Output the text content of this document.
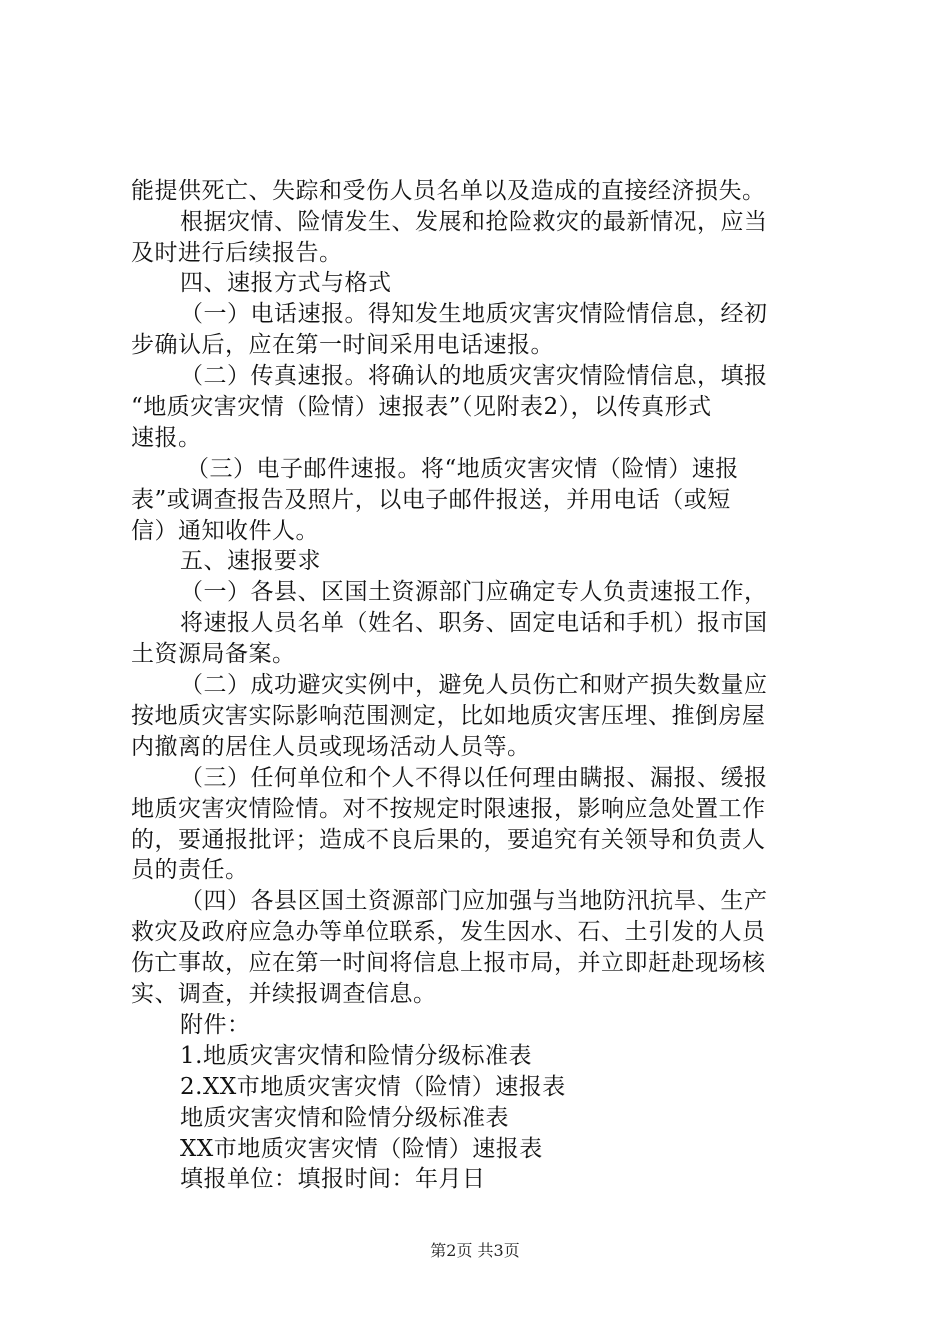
能提供死亡、失踪和受伤人员名单以及造成的直接经济损失。
根据灾情、险情发生、发展和抢险救灾的最新情况，应当
及时进行后续报告。
四、速报方式与格式
（一）电话速报。得知发生地质灾害灾情险情信息，经初
步确认后，应在第一时间采用电话速报。
（二）传真速报。将确认的地质灾害灾情险情信息，填报
“地质灾害灾情（险情）速报表”（见附表2），以传真形式
速报。
（三）电子邮件速报。将“地质灾害灾情（险情）速报
表”或调查报告及照片，以电子邮件报送，并用电话（或短
信）通知收件人。
五、速报要求
（一）各县、区国土资源部门应确定专人负责速报工作，
将速报人员名单（姓名、职务、固定电话和手机）报市国
土资源局备案。
（二）成功避灾实例中，避免人员伤亡和财产损失数量应
按地质灾害实际影响范围测定，比如地质灾害压埋、推倒房屋
内撤离的居住人员或现场活动人员等。
（三）任何单位和个人不得以任何理由瞒报、漏报、缓报
地质灾害灾情险情。对不按规定时限速报，影响应急处置工作
的，要通报批评；造成不良后果的，要追究有关领导和负责人
员的责任。
（四）各县区国土资源部门应加强与当地防汛抗旱、生产
救灾及政府应急办等单位联系，发生因水、石、土引发的人员
伤亡事故，应在第一时间将信息上报市局，并立即赶赴现场核
实、调查，并续报调查信息。
附件：
1.地质灾害灾情和险情分级标准表
2.XX市地质灾害灾情（险情）速报表
地质灾害灾情和险情分级标准表
XX市地质灾害灾情（险情）速报表
填报单位：填报时间：年月日
第2页 共3页
